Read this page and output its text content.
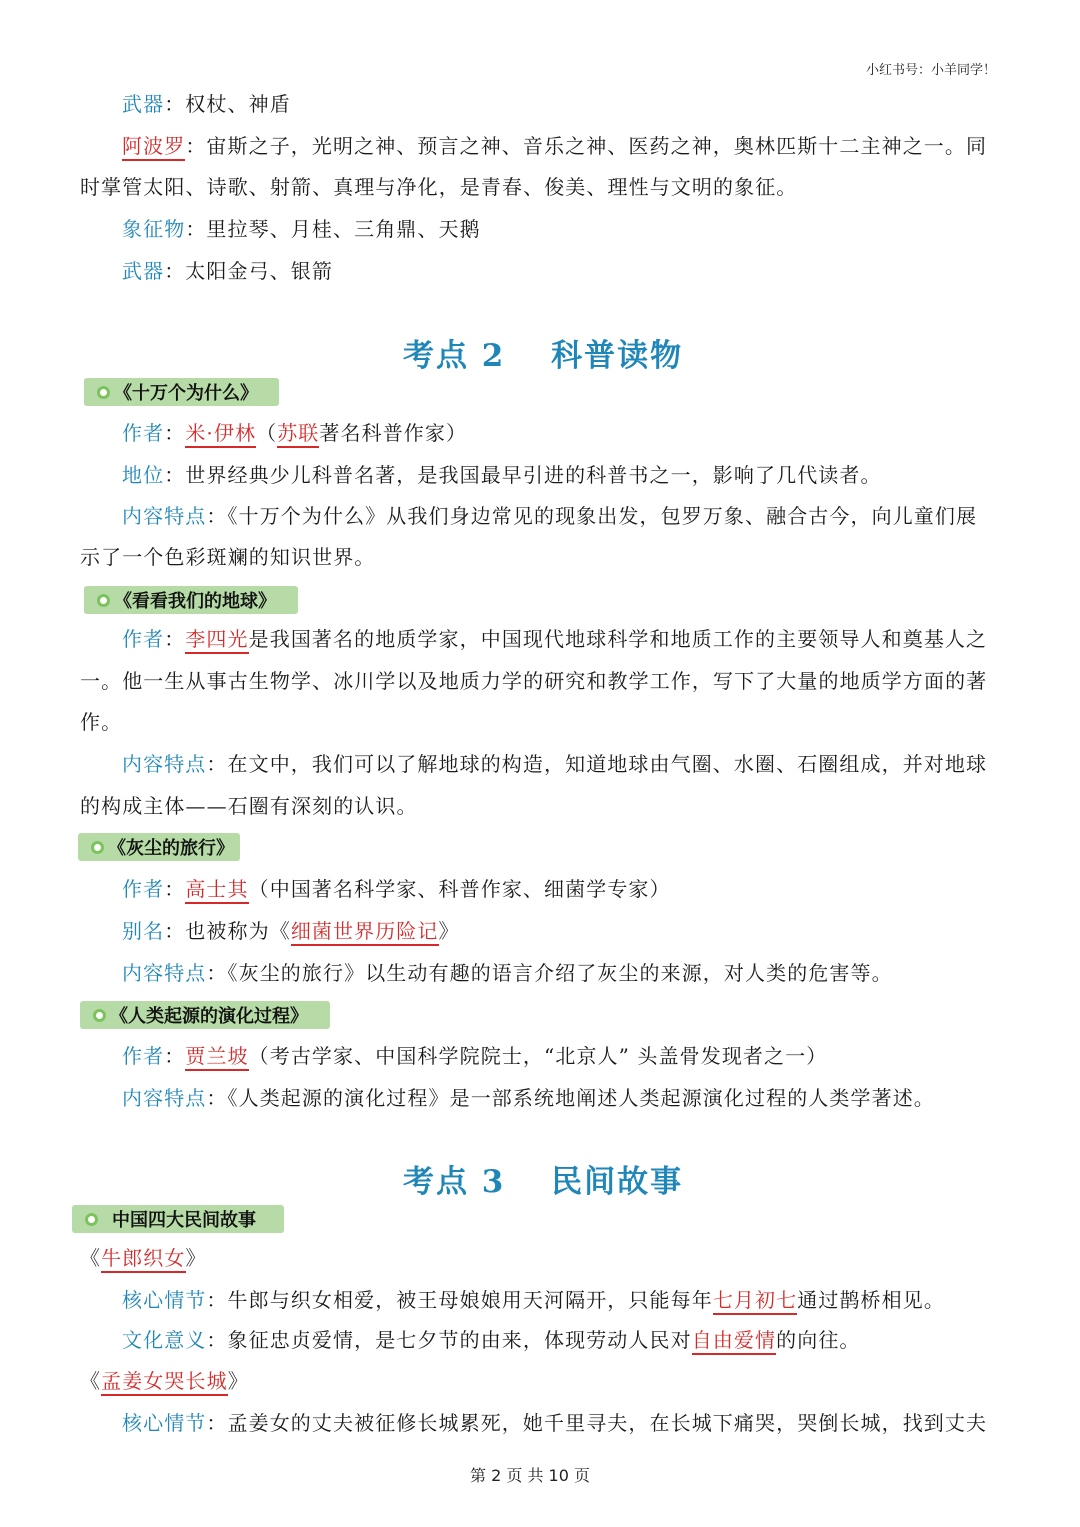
小红书号：小羊同学！
武器：权杖、神盾
阿波罗：宙斯之子，光明之神、预言之神、音乐之神、医药之神，奥林匹斯十二主神之一。同
时掌管太阳、诗歌、射箭、真理与净化，是青春、俊美、理性与文明的象征。
象征物：里拉琴、月桂、三角鼎、天鹅
武器：太阳金弓、银箭
考点 2　 科普读物
《十万个为什么》
作者：米·伊林（苏联著名科普作家）
地位：世界经典少儿科普名著，是我国最早引进的科普书之一，影响了几代读者。
内容特点：《十万个为什么》从我们身边常见的现象出发，包罗万象、融合古今，向儿童们展
示了一个色彩斑斓的知识世界。
《看看我们的地球》
作者：李四光是我国著名的地质学家，中国现代地球科学和地质工作的主要领导人和奠基人之
一。他一生从事古生物学、冰川学以及地质力学的研究和教学工作，写下了大量的地质学方面的著
作。
内容特点：在文中，我们可以了解地球的构造，知道地球由气圈、水圈、石圈组成，并对地球
的构成主体——石圈有深刻的认识。
《灰尘的旅行》
作者：高士其（中国著名科学家、科普作家、细菌学专家）
别名：也被称为《细菌世界历险记》
内容特点：《灰尘的旅行》以生动有趣的语言介绍了灰尘的来源，对人类的危害等。
《人类起源的演化过程》
作者：贾兰坡（考古学家、中国科学院院士，“北京人” 头盖骨发现者之一）
内容特点：《人类起源的演化过程》是一部系统地阐述人类起源演化过程的人类学著述。
考点 3　 民间故事
中国四大民间故事
《牛郎织女》
核心情节：牛郎与织女相爱，被王母娘娘用天河隔开，只能每年七月初七通过鹊桥相见。
文化意义：象征忠贞爱情，是七夕节的由来，体现劳动人民对自由爱情的向往。
《孟姜女哭长城》
核心情节：孟姜女的丈夫被征修长城累死，她千里寻夫，在长城下痛哭，哭倒长城，找到丈夫
第 2 页 共 10 页
